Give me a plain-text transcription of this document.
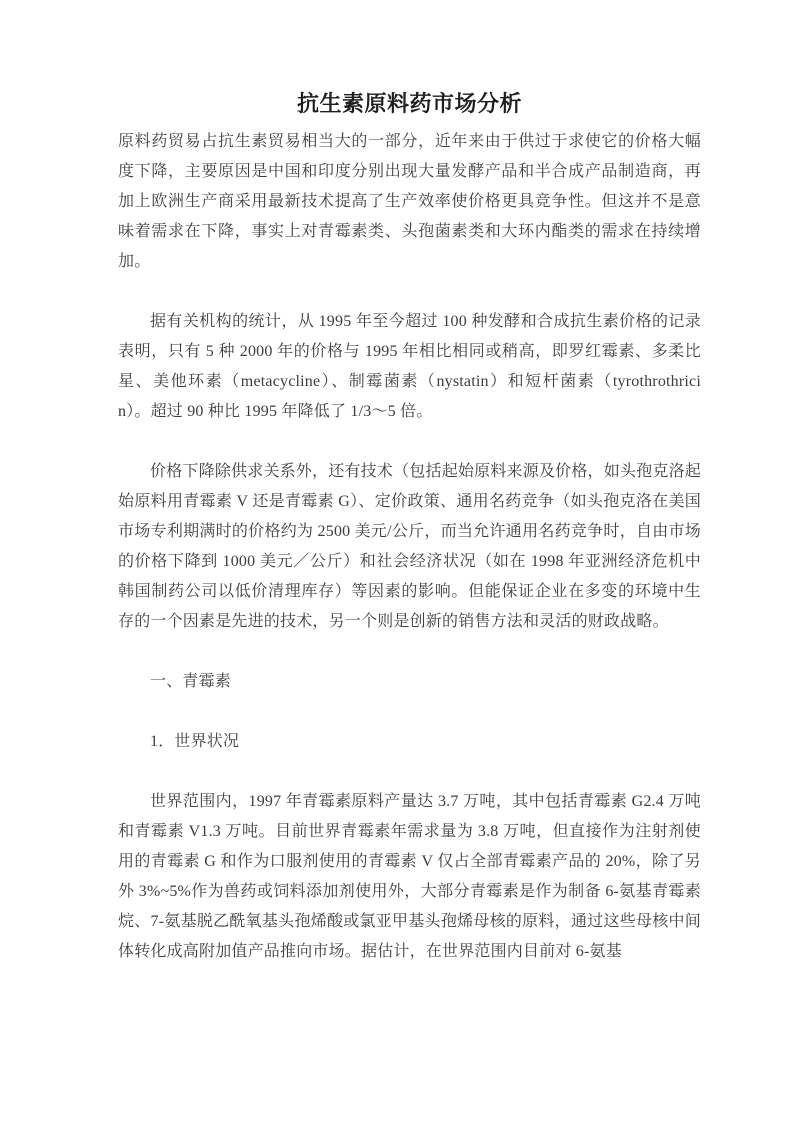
抗生素原料药市场分析

原料药贸易占抗生素贸易相当大的一部分，近年来由于供过于求使它的价格大幅度下降，主要原因是中国和印度分别出现大量发酵产品和半合成产品制造商，再加上欧洲生产商采用最新技术提高了生产效率使价格更具竞争性。但这并不是意味着需求在下降，事实上对青霉素类、头孢菌素类和大环内酯类的需求在持续增加。

据有关机构的统计，从 1995 年至今超过 100 种发酵和合成抗生素价格的记录表明，只有 5 种 2000 年的价格与 1995 年相比相同或稍高，即罗红霉素、多柔比星、美他环素（metacycline）、制霉菌素（nystatin）和短杆菌素（tyrothrothricin）。超过 90 种比 1995 年降低了 1/3～5 倍。

价格下降除供求关系外，还有技术（包括起始原料来源及价格，如头孢克洛起始原料用青霉素 V 还是青霉素 G）、定价政策、通用名药竞争（如头孢克洛在美国市场专利期满时的价格约为 2500 美元/公斤，而当允许通用名药竞争时，自由市场的价格下降到 1000 美元／公斤）和社会经济状况（如在 1998 年亚洲经济危机中韩国制药公司以低价清理库存）等因素的影响。但能保证企业在多变的环境中生存的一个因素是先进的技术，另一个则是创新的销售方法和灵活的财政战略。

一、青霉素

1．世界状况

世界范围内，1997 年青霉素原料产量达 3.7 万吨，其中包括青霉素 G2.4 万吨和青霉素 V1.3 万吨。目前世界青霉素年需求量为 3.8 万吨，但直接作为注射剂使用的青霉素 G 和作为口服剂使用的青霉素 V 仅占全部青霉素产品的 20%，除了另外 3%~5%作为兽药或饲料添加剂使用外，大部分青霉素是作为制备 6-氨基青霉素烷、7-氨基脱乙酰氧基头孢烯酸或氯亚甲基头孢烯母核的原料，通过这些母核中间体转化成高附加值产品推向市场。据估计，在世界范围内目前对 6-氨基
